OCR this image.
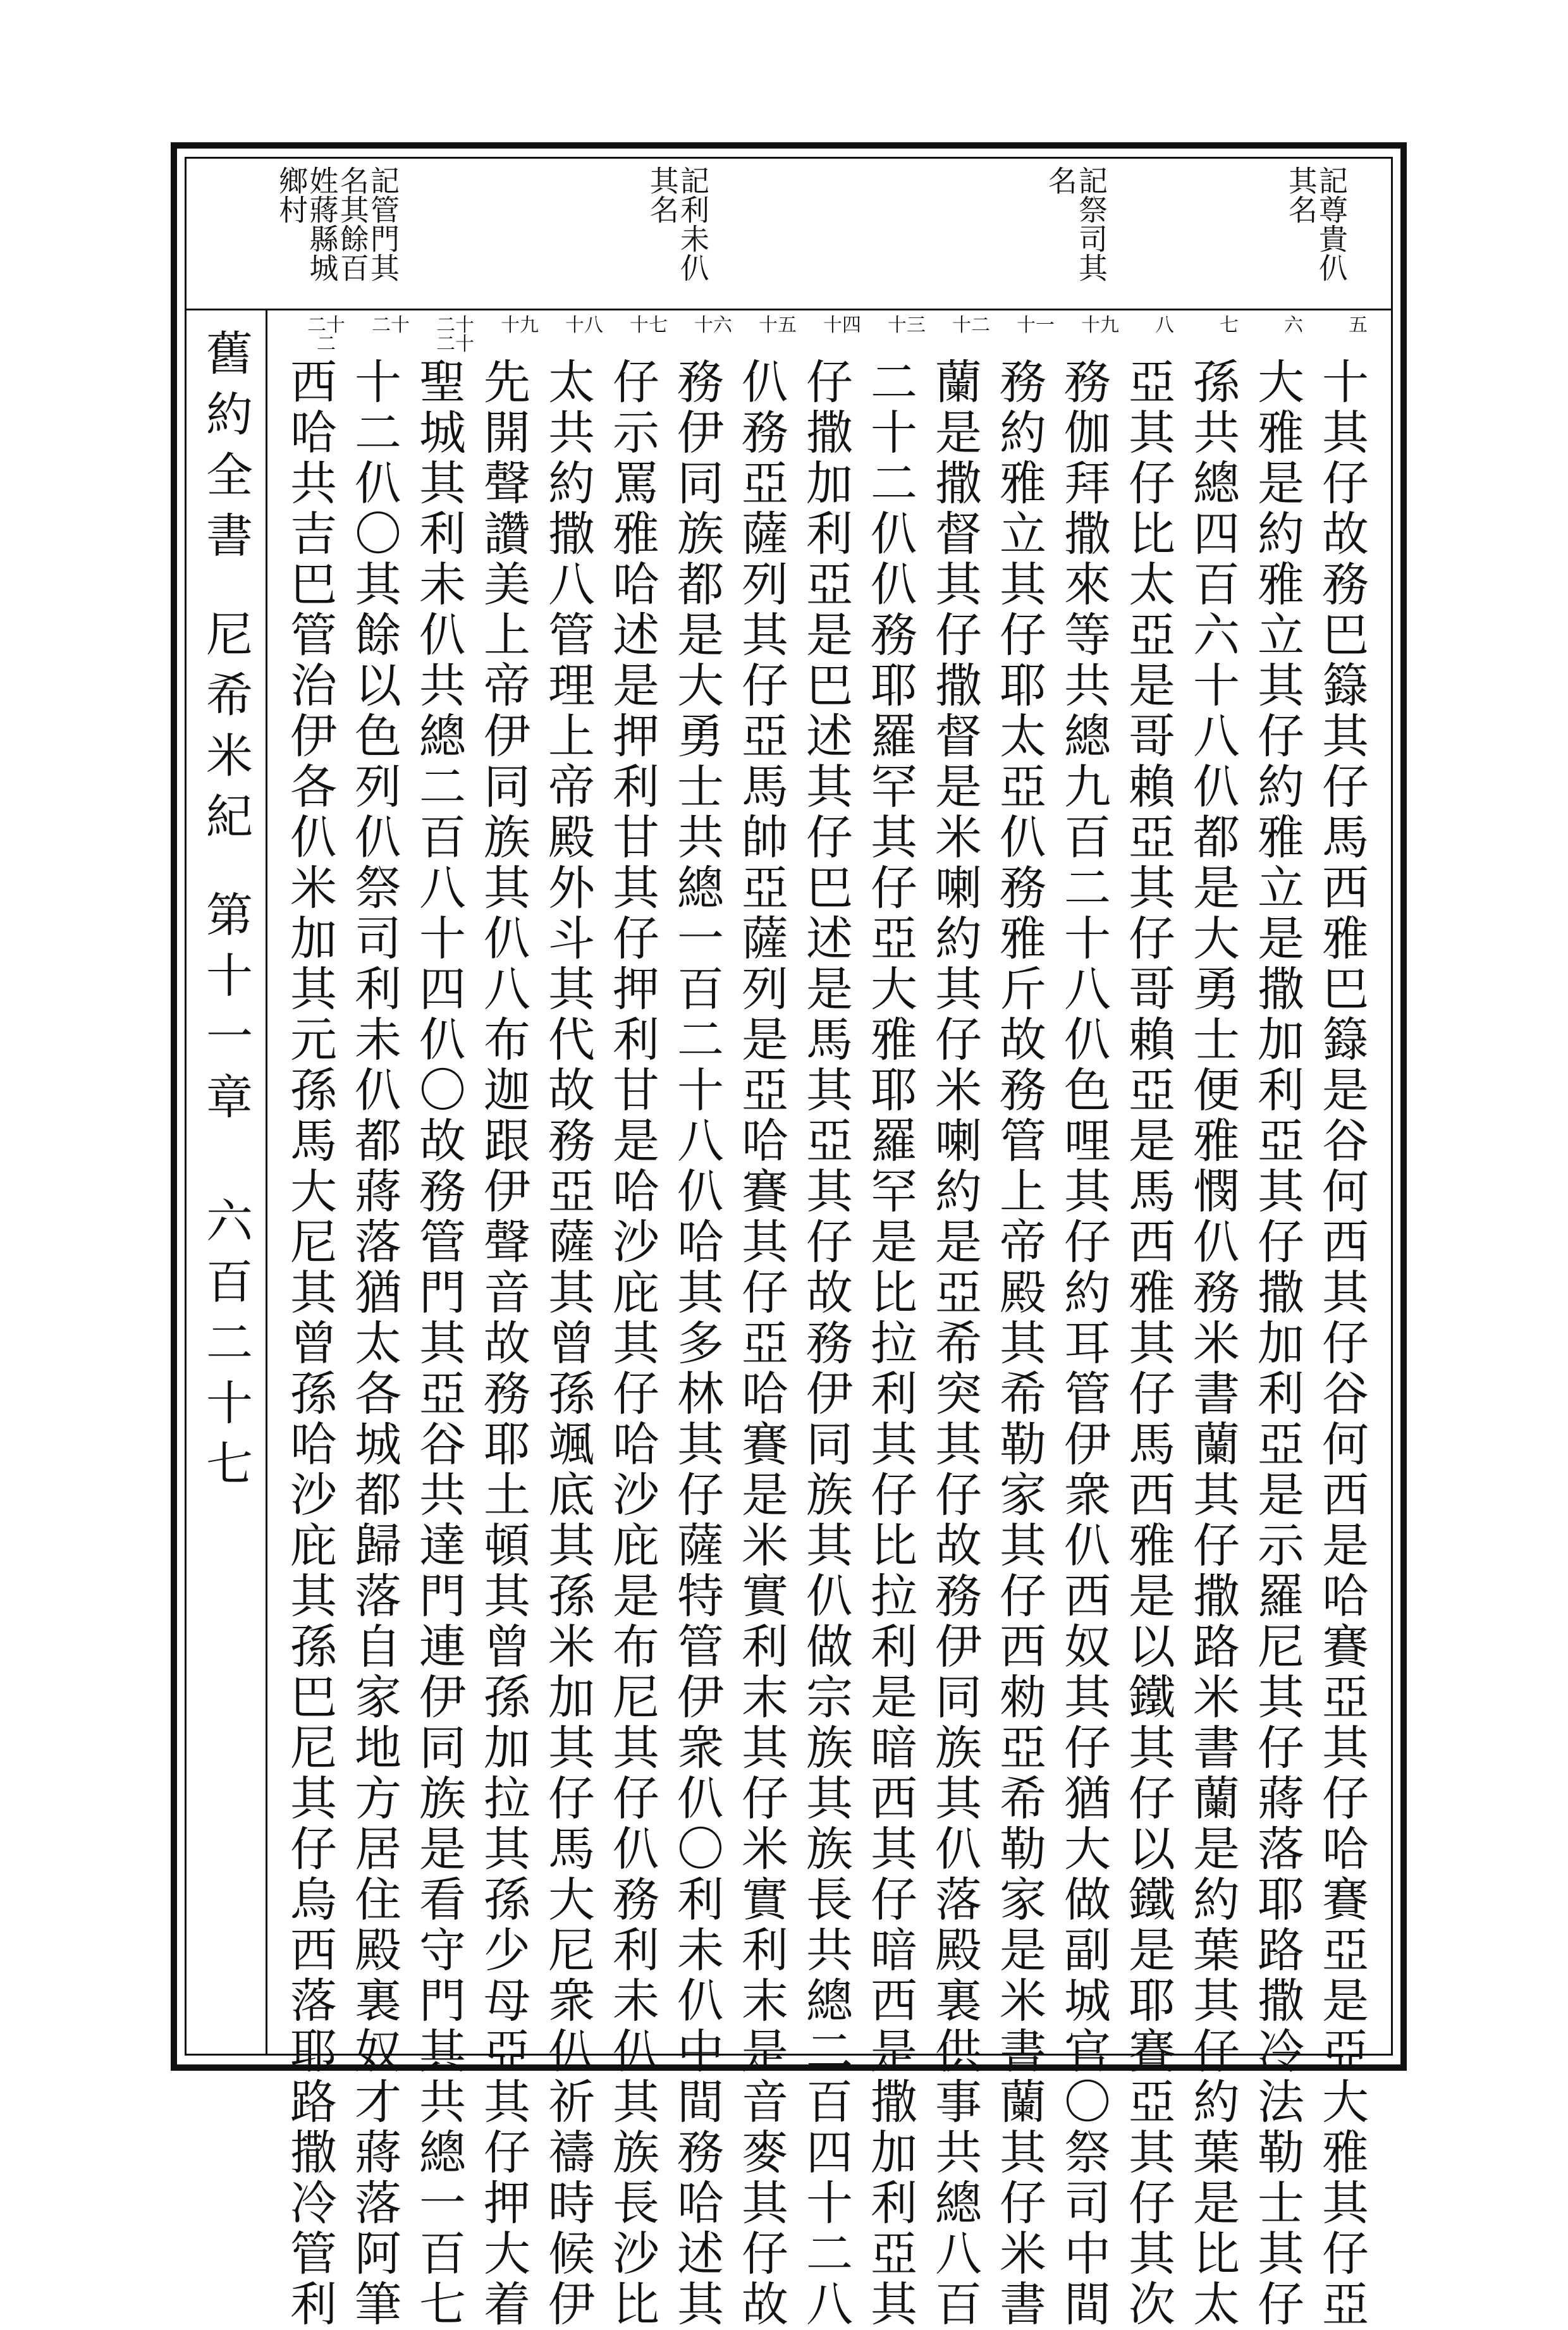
記尊貴仈其名
記祭司其名
記利未仈其名
記管門其名其餘百姓蔣縣城鄉村
五
六
七
八
十九
十一
十二
十三
十四
十五
十六
十七
十八
十九
二十二十
二十
二十二
十其仔故務巴籙其仔馬西雅巴籙是谷何西其仔谷何西是哈賽亞其仔哈賽亞是亞大雅其仔亞
大雅是約雅立其仔約雅立是撒加利亞其仔撒加利亞是示羅尼其仔蔣落耶路撒冷法勒士其仔
孫共總四百六十八仈都是大勇士便雅憫仈務米書蘭其仔撒路米書蘭是約葉其仔約葉是比太
亞其仔比太亞是哥賴亞其仔哥賴亞是馬西雅其仔馬西雅是以鐵其仔以鐵是耶賽亞其仔其次
務伽拜撒來等共總九百二十八仈色哩其仔約耳管伊衆仈西奴其仔猶大做副城官〇祭司中間
務約雅立其仔耶太亞仈務雅斤故務管上帝殿其希勒家其仔西勑亞希勒家是米書蘭其仔米書
蘭是撒督其仔撒督是米喇約其仔米喇約是亞希突其仔故務伊同族其仈落殿裏供事共總八百
二十二仈仈務耶羅罕其仔亞大雅耶羅罕是比拉利其仔比拉利是暗西其仔暗西是撒加利亞其
仔撒加利亞是巴述其仔巴述是馬其亞其仔故務伊同族其仈做宗族其族長共總二百四十二八
仈務亞薩列其仔亞馬帥亞薩列是亞哈賽其仔亞哈賽是米實利末其仔米實利末是音麥其仔故
務伊同族都是大勇士共總一百二十八仈哈其多林其仔薩特管伊衆仈〇利未仈中間務哈述其
仔示罵雅哈述是押利甘其仔押利甘是哈沙庇其仔哈沙庇是布尼其仔仈務利未仈其族長沙比
太共約撒八管理上帝殿外斗其代故務亞薩其曾孫颯底其孫米加其仔馬大尼衆仈祈禱時候伊
先開聲讚美上帝伊同族其仈八布迦跟伊聲音故務耶土頓其曾孫加拉其孫少母亞其仔押大着
聖城其利未仈共總二百八十四仈〇故務管門其亞谷共達門連伊同族是看守門其共總一百七
十二仈〇其餘以色列仈祭司利未仈都蔣落猶太各城都歸落自家地方居住殿裏奴才蔣落阿筆
西哈共吉巴管治伊各仈米加其元孫馬大尼其曾孫哈沙庇其孫巴尼其仔烏西落耶路撒冷管利
舊約全書尼希米紀第十一章六百二十七
